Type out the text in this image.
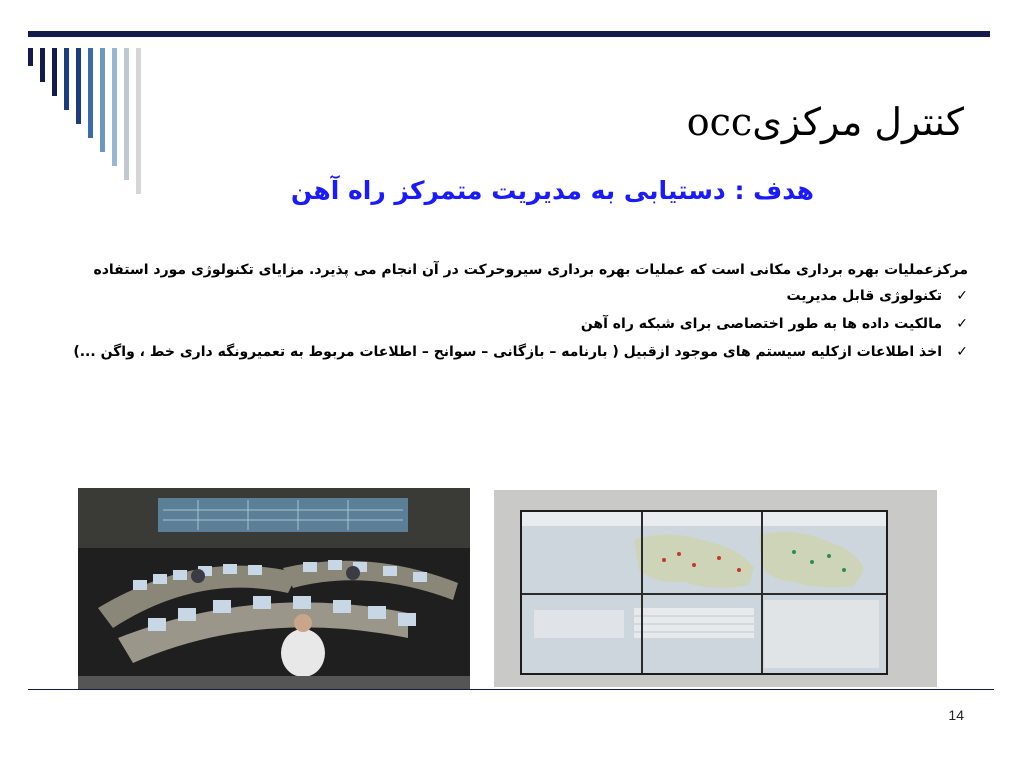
کنترل مرکزیocc
هدف : دستیابی به مدیریت متمرکز راه آهن
مرکزعملیات بهره برداری مکانی است که عملیات بهره برداری سیروحرکت در آن انجام می پذیرد. مزایای تکنولوژی مورد استفاده
✓
تکنولوژی قابل مدیریت
✓
مالکیت داده ها به طور اختصاصی برای شبکه راه آهن
✓
اخذ اطلاعات ازکلیه سیستم های موجود ازقبیل ( بارنامه – بازگانی – سوانح – اطلاعات مربوط به تعمیرونگه داری خط ، واگن ...)
14
